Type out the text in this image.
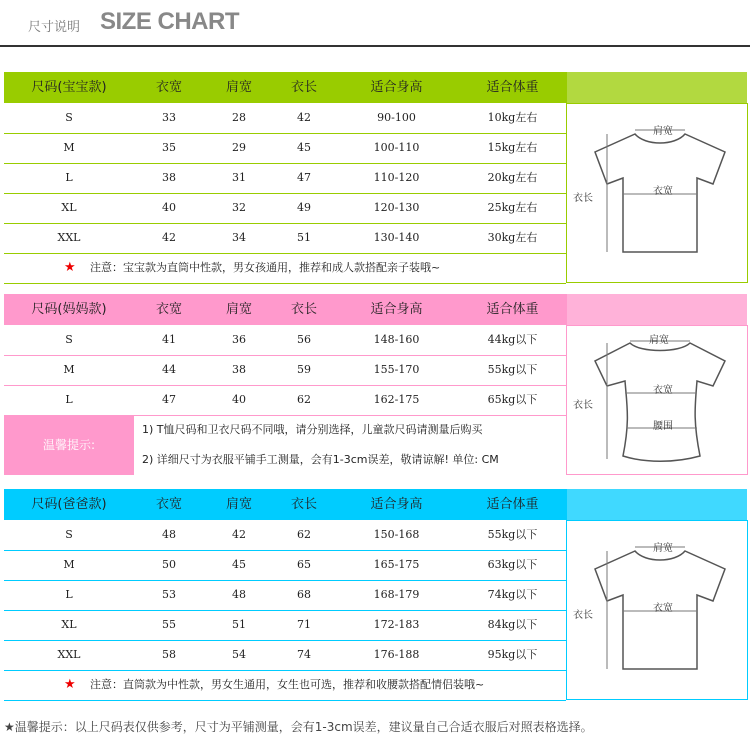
尺寸说明 SIZE CHART
尺码(宝宝款)	衣宽	肩宽	衣长	适合身高	适合体重
S	33	28	42	90-100	10kg左右
M	35	29	45	100-110	15kg左右
L	38	31	47	110-120	20kg左右
XL	40	32	49	120-130	25kg左右
XXL	42	34	51	130-140	30kg左右
肩宽
衣宽
衣长
★ 注意：宝宝款为直筒中性款，男女孩通用，推荐和成人款搭配亲子装哦~
尺码(妈妈款)	衣宽	肩宽	衣长	适合身高	适合体重
S	41	36	56	148-160	44kg以下
M	44	38	59	155-170	55kg以下
L	47	40	62	162-175	65kg以下
肩宽
衣宽
衣长
腰围
温馨提示:
1) T恤尺码和卫衣尺码不同哦，请分别选择，儿童款尺码请测量后购买
2) 详细尺寸为衣服平铺手工测量，会有1-3cm误差，敬请谅解! 单位: CM
尺码(爸爸款)	衣宽	肩宽	衣长	适合身高	适合体重
S	48	42	62	150-168	55kg以下
M	50	45	65	165-175	63kg以下
L	53	48	68	168-179	74kg以下
XL	55	51	71	172-183	84kg以下
XXL	58	54	74	176-188	95kg以下
肩宽
衣宽
衣长
★ 注意：直筒款为中性款，男女生通用，女生也可选，推荐和收腰款搭配情侣装哦~
★温馨提示：以上尺码表仅供参考，尺寸为平铺测量，会有1-3cm误差，建议量自己合适衣服后对照表格选择。
